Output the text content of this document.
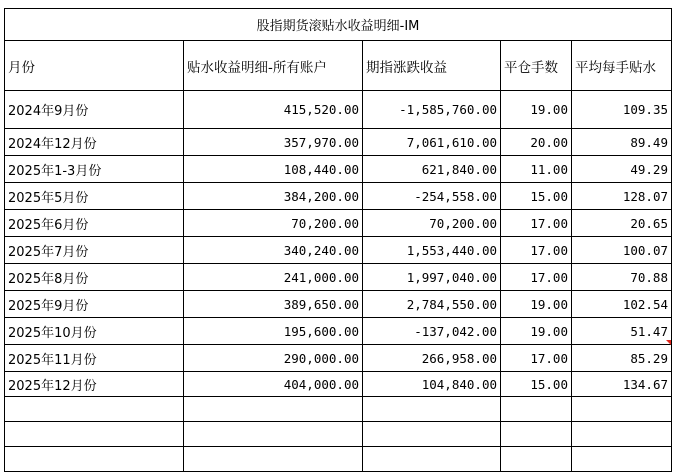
股指期货滚贴水收益明细-IM				
月份	贴水收益明细-所有账户	期指涨跌收益	平仓手数	平均每手贴水
2024年9月份	415,520.00	-1,585,760.00	19.00	109.35
2024年12月份	357,970.00	7,061,610.00	20.00	89.49
2025年1-3月份	108,440.00	621,840.00	11.00	49.29
2025年5月份	384,200.00	-254,558.00	15.00	128.07
2025年6月份	70,200.00	70,200.00	17.00	20.65
2025年7月份	340,240.00	1,553,440.00	17.00	100.07
2025年8月份	241,000.00	1,997,040.00	17.00	70.88
2025年9月份	389,650.00	2,784,550.00	19.00	102.54
2025年10月份	195,600.00	-137,042.00	19.00	51.47
2025年11月份	290,000.00	266,958.00	17.00	85.29
2025年12月份	404,000.00	104,840.00	15.00	134.67
